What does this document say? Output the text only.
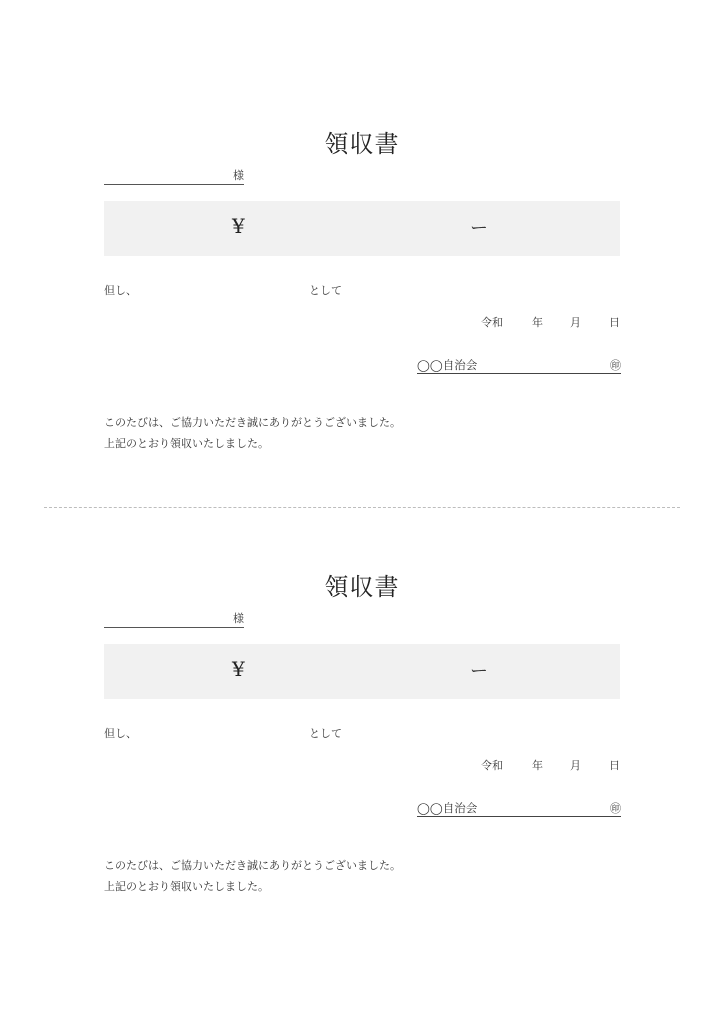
領収書
様
¥	ー
但し、	として
令和	年 月	日
◯◯自治会	㊞
このたびは、ご協力いただき誠にありがとうございました。
上記のとおり領収いたしました。
領収書
様
¥	ー
但し、	として
令和	年 月	日
◯◯自治会	㊞
このたびは、ご協力いただき誠にありがとうございました。
上記のとおり領収いたしました。
